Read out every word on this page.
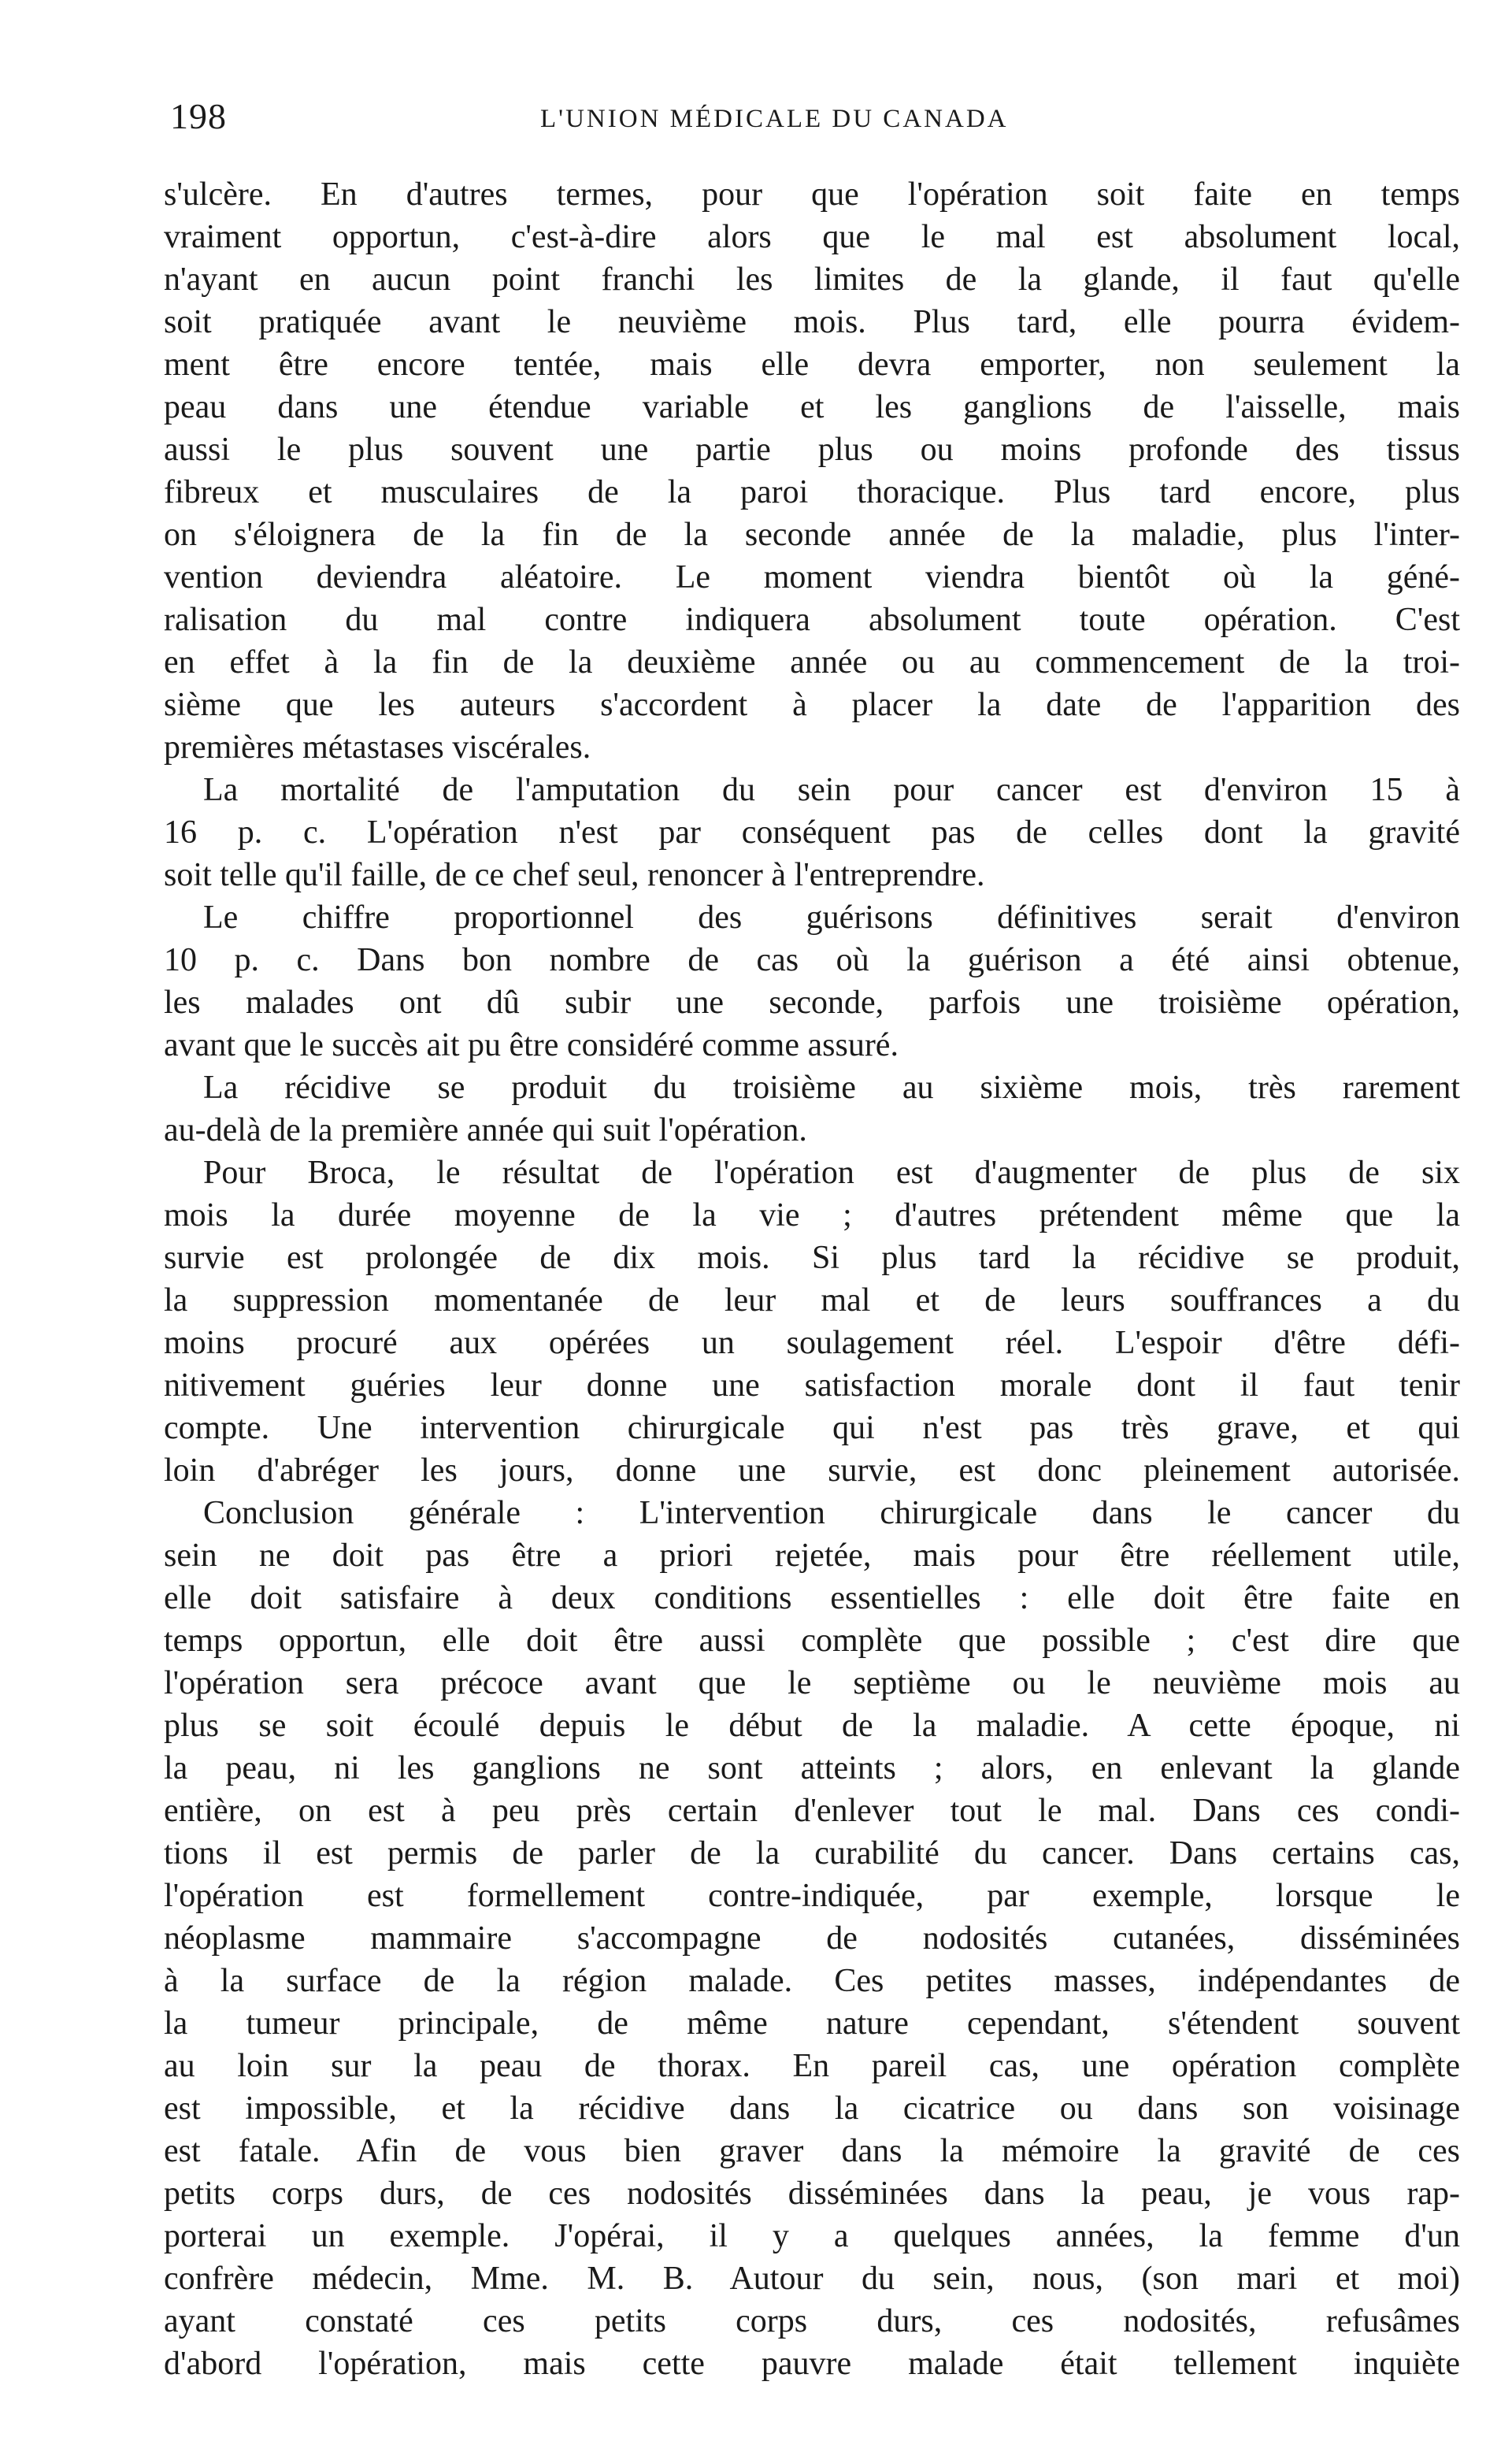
198	L'UNION MÉDICALE DU CANADA
s'ulcère. En d'autres termes, pour que l'opération soit faite en temps
vraiment opportun, c'est-à-dire alors que le mal est absolument local,
n'ayant en aucun point franchi les limites de la glande, il faut qu'elle
soit pratiquée avant le neuvième mois. Plus tard, elle pourra évidem-
ment être encore tentée, mais elle devra emporter, non seulement la
peau dans une étendue variable et les ganglions de l'aisselle, mais
aussi le plus souvent une partie plus ou moins profonde des tissus
fibreux et musculaires de la paroi thoracique. Plus tard encore, plus
on s'éloignera de la fin de la seconde année de la maladie, plus l'inter-
vention deviendra aléatoire. Le moment viendra bientôt où la géné-
ralisation du mal contre indiquera absolument toute opération. C'est
en effet à la fin de la deuxième année ou au commencement de la troi-
sième que les auteurs s'accordent à placer la date de l'apparition des
premières métastases viscérales.
La mortalité de l'amputation du sein pour cancer est d'environ 15 à
16 p. c. L'opération n'est par conséquent pas de celles dont la gravité
soit telle qu'il faille, de ce chef seul, renoncer à l'entreprendre.
Le chiffre proportionnel des guérisons définitives serait d'environ
10 p. c. Dans bon nombre de cas où la guérison a été ainsi obtenue,
les malades ont dû subir une seconde, parfois une troisième opération,
avant que le succès ait pu être considéré comme assuré.
La récidive se produit du troisième au sixième mois, très rarement
au-delà de la première année qui suit l'opération.
Pour Broca, le résultat de l'opération est d'augmenter de plus de six
mois la durée moyenne de la vie ; d'autres prétendent même que la
survie est prolongée de dix mois. Si plus tard la récidive se produit,
la suppression momentanée de leur mal et de leurs souffrances a du
moins procuré aux opérées un soulagement réel. L'espoir d'être défi-
nitivement guéries leur donne une satisfaction morale dont il faut tenir
compte. Une intervention chirurgicale qui n'est pas très grave, et qui
loin d'abréger les jours, donne une survie, est donc pleinement autorisée.
Conclusion générale : L'intervention chirurgicale dans le cancer du
sein ne doit pas être a priori rejetée, mais pour être réellement utile,
elle doit satisfaire à deux conditions essentielles : elle doit être faite en
temps opportun, elle doit être aussi complète que possible ; c'est dire que
l'opération sera précoce avant que le septième ou le neuvième mois au
plus se soit écoulé depuis le début de la maladie. A cette époque, ni
la peau, ni les ganglions ne sont atteints ; alors, en enlevant la glande
entière, on est à peu près certain d'enlever tout le mal. Dans ces condi-
tions il est permis de parler de la curabilité du cancer. Dans certains cas,
l'opération est formellement contre-indiquée, par exemple, lorsque le
néoplasme mammaire s'accompagne de nodosités cutanées, disséminées
à la surface de la région malade. Ces petites masses, indépendantes de
la tumeur principale, de même nature cependant, s'étendent souvent
au loin sur la peau de thorax. En pareil cas, une opération complète
est impossible, et la récidive dans la cicatrice ou dans son voisinage
est fatale. Afin de vous bien graver dans la mémoire la gravité de ces
petits corps durs, de ces nodosités disséminées dans la peau, je vous rap-
porterai un exemple. J'opérai, il y a quelques années, la femme d'un
confrère médecin, Mme. M. B. Autour du sein, nous, (son mari et moi)
ayant constaté ces petits corps durs, ces nodosités, refusâmes
d'abord l'opération, mais cette pauvre malade était tellement inquiète
